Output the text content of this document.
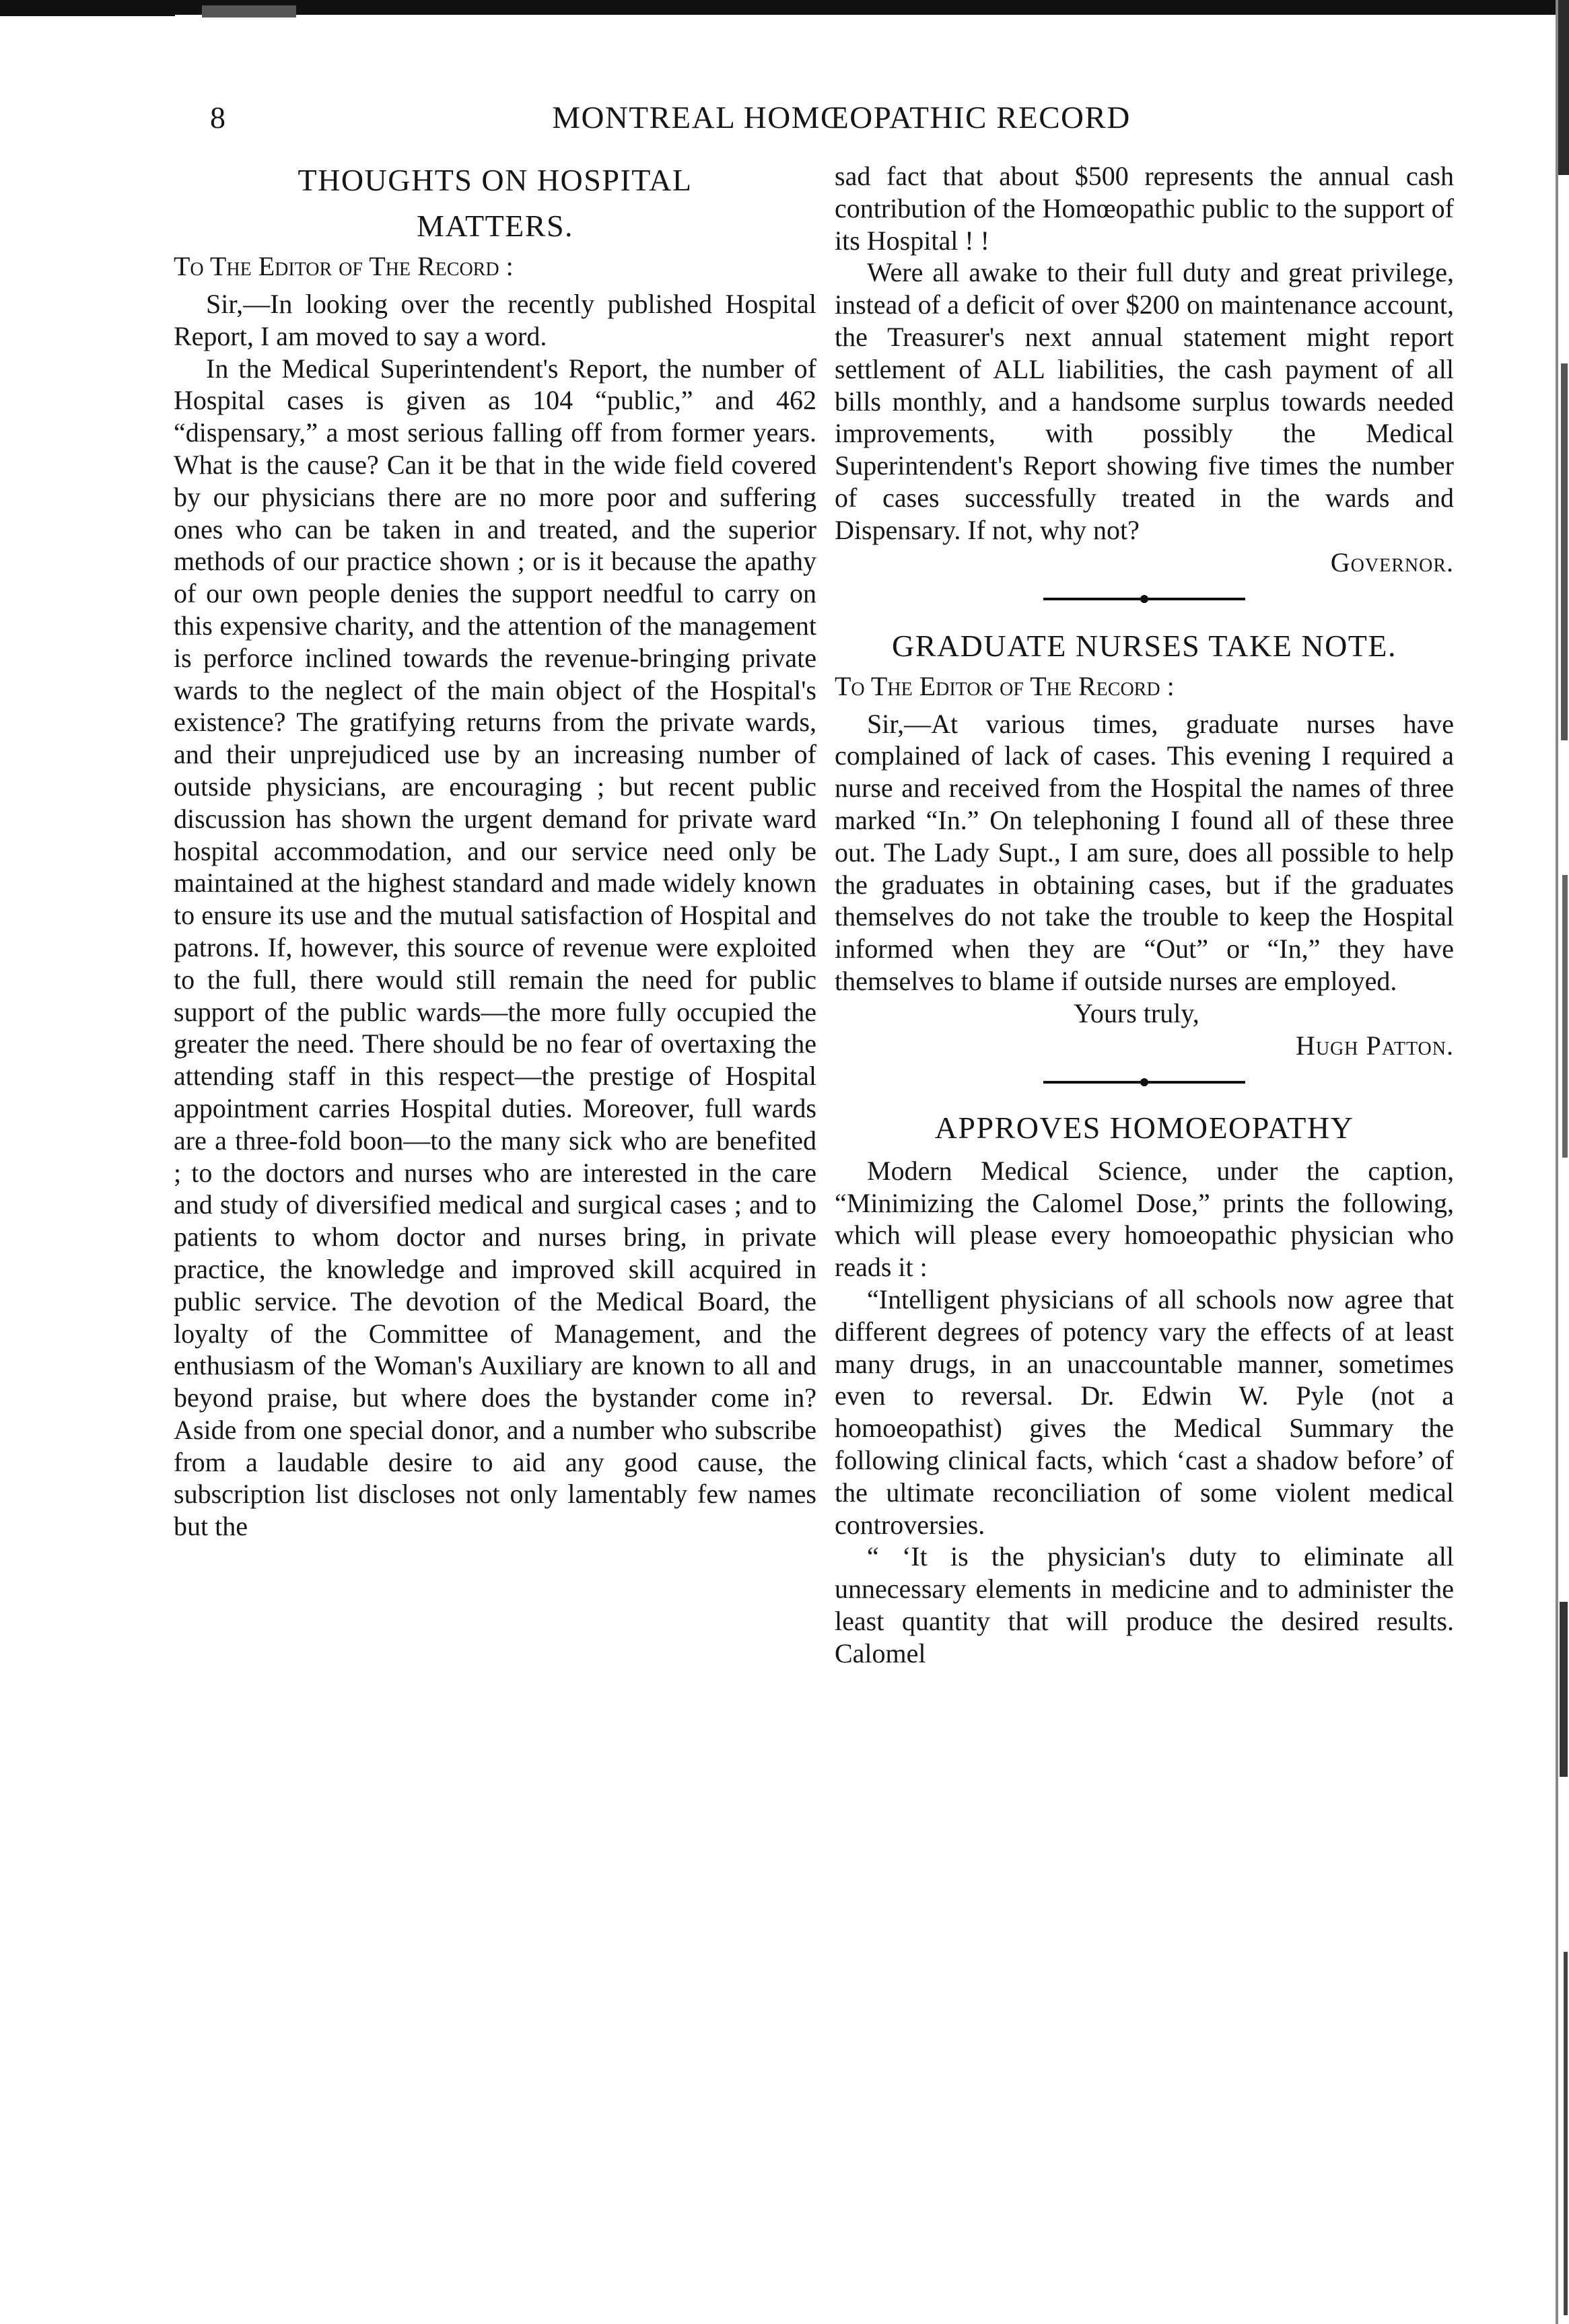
8	MONTREAL HOMŒOPATHIC RECORD
THOUGHTS ON HOSPITAL
MATTERS.
To The Editor of The Record :

Sir,—In looking over the recently published Hospital Report, I am moved to say a word.

In the Medical Superintendent's Report, the number of Hospital cases is given as 104 “public,” and 462 “dispensary,” a most serious falling off from former years. What is the cause? Can it be that in the wide field covered by our physicians there are no more poor and suffering ones who can be taken in and treated, and the superior methods of our practice shown ; or is it because the apathy of our own people denies the support needful to carry on this expensive charity, and the attention of the management is perforce inclined towards the revenue-bringing private wards to the neglect of the main object of the Hospital's existence? The gratifying returns from the private wards, and their unprejudiced use by an increasing number of outside physicians, are encouraging ; but recent public discussion has shown the urgent demand for private ward hospital accommodation, and our service need only be maintained at the highest standard and made widely known to ensure its use and the mutual satisfaction of Hospital and patrons. If, however, this source of revenue were exploited to the full, there would still remain the need for public support of the public wards—the more fully occupied the greater the need. There should be no fear of overtaxing the attending staff in this respect—the prestige of Hospital appointment carries Hospital duties. Moreover, full wards are a three-fold boon—to the many sick who are benefited ; to the doctors and nurses who are interested in the care and study of diversified medical and surgical cases ; and to patients to whom doctor and nurses bring, in private practice, the knowledge and improved skill acquired in public service. The devotion of the Medical Board, the loyalty of the Committee of Management, and the enthusiasm of the Woman's Auxiliary are known to all and beyond praise, but where does the bystander come in? Aside from one special donor, and a number who subscribe from a laudable desire to aid any good cause, the subscription list discloses not only lamentably few names but the

sad fact that about $500 represents the annual cash contribution of the Homœopathic public to the support of its Hospital ! !

Were all awake to their full duty and great privilege, instead of a deficit of over $200 on maintenance account, the Treasurer's next annual statement might report settlement of ALL liabilities, the cash payment of all bills monthly, and a handsome surplus towards needed improvements, with possibly the Medical Superintendent's Report showing five times the number of cases successfully treated in the wards and Dispensary. If not, why not?

Governor.
GRADUATE NURSES TAKE NOTE.
To The Editor of The Record :

Sir,—At various times, graduate nurses have complained of lack of cases. This evening I required a nurse and received from the Hospital the names of three marked “In.” On telephoning I found all of these three out. The Lady Supt., I am sure, does all possible to help the graduates in obtaining cases, but if the graduates themselves do not take the trouble to keep the Hospital informed when they are “Out” or “In,” they have themselves to blame if outside nurses are employed.

Yours truly,
Hugh Patton.
APPROVES HOMOEOPATHY

Modern Medical Science, under the caption, “Minimizing the Calomel Dose,” prints the following, which will please every homoeopathic physician who reads it :

“Intelligent physicians of all schools now agree that different degrees of potency vary the effects of at least many drugs, in an unaccountable manner, sometimes even to reversal. Dr. Edwin W. Pyle (not a homoeopathist) gives the Medical Summary the following clinical facts, which ‘cast a shadow before’ of the ultimate reconciliation of some violent medical controversies.

“ ‘It is the physician's duty to eliminate all unnecessary elements in medicine and to administer the least quantity that will produce the desired results. Calomel
